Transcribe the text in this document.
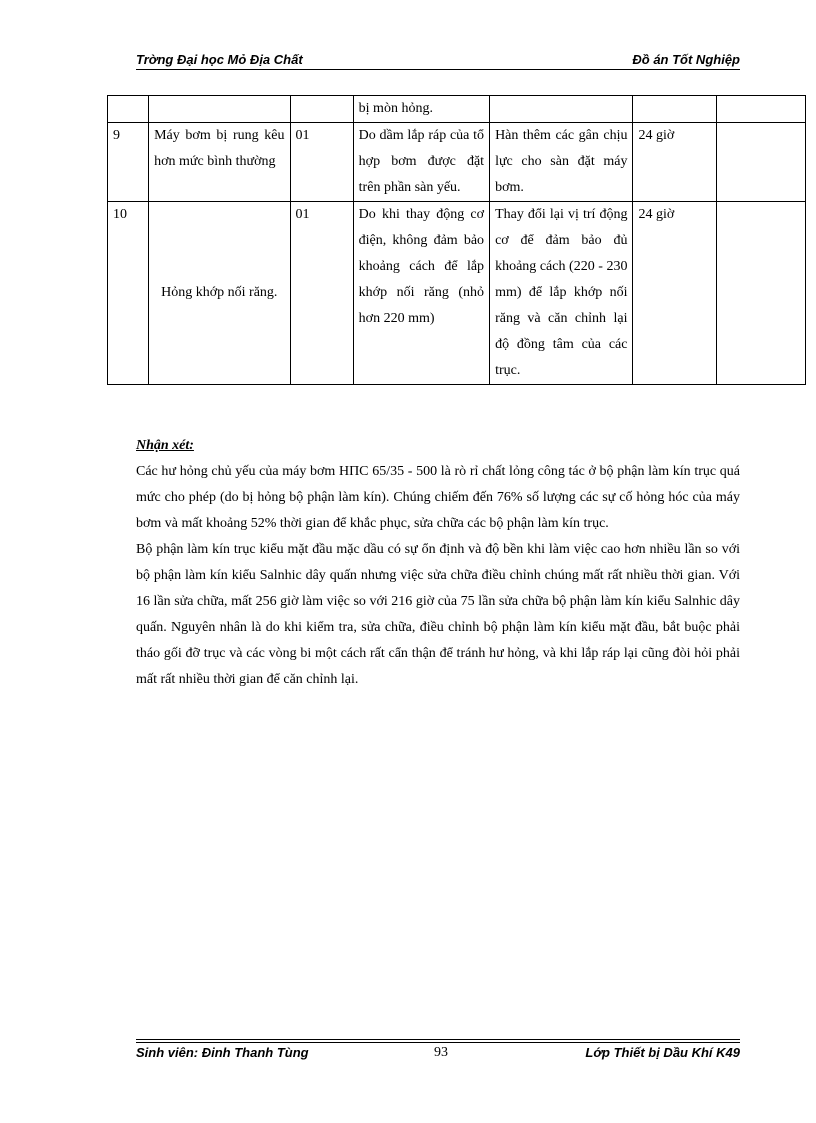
Trờng Đại học Mỏ Địa Chất	Đồ án Tốt Nghiệp
			bị mòn hỏng.			
9	Máy bơm bị rung kêu hơn mức bình thường	01	Do dầm lắp ráp của tổ hợp bơm được đặt trên phần sàn yếu.	Hàn thêm các gân chịu lực cho sàn đặt máy bơm.	24 giờ	
10	Hỏng khớp nối răng.	01	Do khi thay động cơ điện, không đảm bảo khoảng cách để lắp khớp nối răng (nhỏ hơn 220 mm)	Thay đổi lại vị trí động cơ để đảm bảo đủ khoảng cách (220 - 230 mm) để lắp khớp nối răng và căn chỉnh lại độ đồng tâm của các trục.	24 giờ	
Nhận xét:

Các hư hỏng chủ yếu của máy bơm НПС 65/35 - 500 là rò rỉ chất lỏng công tác ở bộ phận làm kín trục quá mức cho phép (do bị hỏng bộ phận làm kín). Chúng chiếm đến 76% số lượng các sự cố hỏng hóc của máy bơm và mất khoảng 52% thời gian để khắc phục, sửa chữa các bộ phận làm kín trục.

Bộ phận làm kín trục kiểu mặt đầu mặc dầu có sự ổn định và độ bền khi làm việc cao hơn nhiều lần so với bộ phận làm kín kiểu Salnhic dây quấn nhưng việc sửa chữa điều chỉnh chúng mất rất nhiều thời gian. Với 16 lần sửa chữa, mất 256 giờ làm việc so với 216 giờ của 75 lần sửa chữa bộ phận làm kín kiểu Salnhic dây quấn. Nguyên nhân là do khi kiểm tra, sửa chữa, điều chỉnh bộ phận làm kín kiểu mặt đầu, bắt buộc phải tháo gối đỡ trục và các vòng bi một cách rất cẩn thận để tránh hư hỏng, và khi lắp ráp lại cũng đòi hỏi phải mất rất nhiều thời gian để căn chỉnh lại.

Sinh viên: Đinh Thanh Tùng	93	Lớp Thiết bị Dầu Khí K49
